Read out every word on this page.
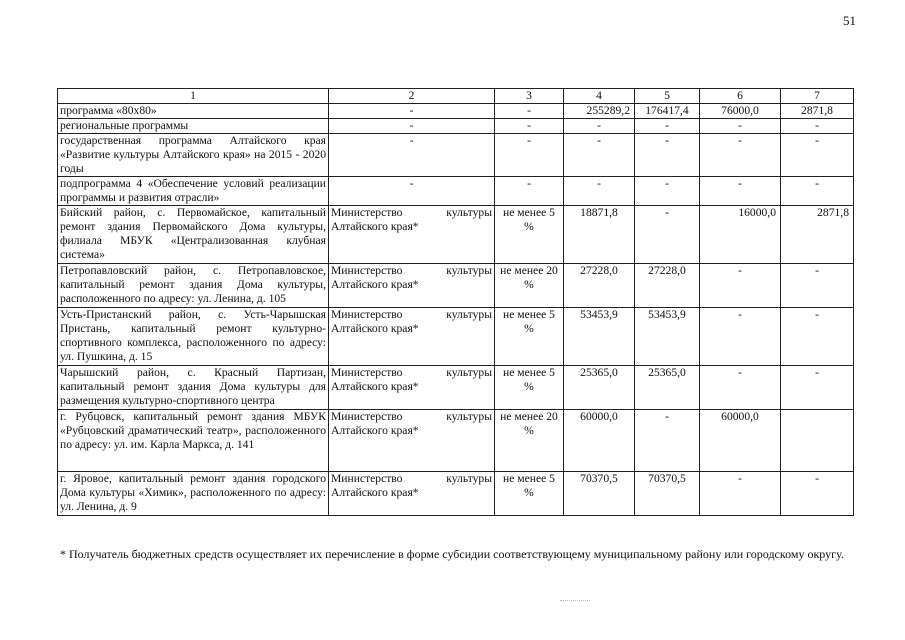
51
1	2	3	4	5	6	7
программа «80х80»	-	-	255289,2	176417,4	76000,0	2871,8
региональные программы	-	-	-	-	-	-
государственная программа Алтайского края «Развитие культуры Алтайского края» на 2015 - 2020 годы	-	-	-	-	-	-
подпрограмма 4 «Обеспечение условий реализации программы и развития отрасли»	-	-	-	-	-	-
Бийский район, с. Первомайское, капитальный ремонт здания Первомайского Дома культуры, филиала МБУК «Централизованная клубная система»	Министерство культуры Алтайского края*	не менее 5 %	18871,8	-	16000,0	2871,8
Петропавловский район, с. Петропавловское, капитальный ремонт здания Дома культуры, расположенного по адресу: ул. Ленина, д. 105	Министерство культуры Алтайского края*	не менее 20 %	27228,0	27228,0	-	-
Усть-Пристанский район, с. Усть-Чарышская Пристань, капитальный ремонт культурно-спортивного комплекса, расположенного по адресу: ул. Пушкина, д. 15	Министерство культуры Алтайского края*	не менее 5 %	53453,9	53453,9	-	-
Чарышский район, с. Красный Партизан, капитальный ремонт здания Дома культуры для размещения культурно-спортивного центра	Министерство культуры Алтайского края*	не менее 5 %	25365,0	25365,0	-	-
г. Рубцовск, капитальный ремонт здания МБУК «Рубцовский драматический театр», расположенного по адресу: ул. им. Карла Маркса, д. 141	Министерство культуры Алтайского края*	не менее 20 %	60000,0	-	60000,0	
г. Яровое, капитальный ремонт здания городского Дома культуры «Химик», расположенного по адресу: ул. Ленина, д. 9	Министерство культуры Алтайского края*	не менее 5 %	70370,5	70370,5	-	-
* Получатель бюджетных средств осуществляет их перечисление в форме субсидии соответствующему муниципальному району или городскому округу.
